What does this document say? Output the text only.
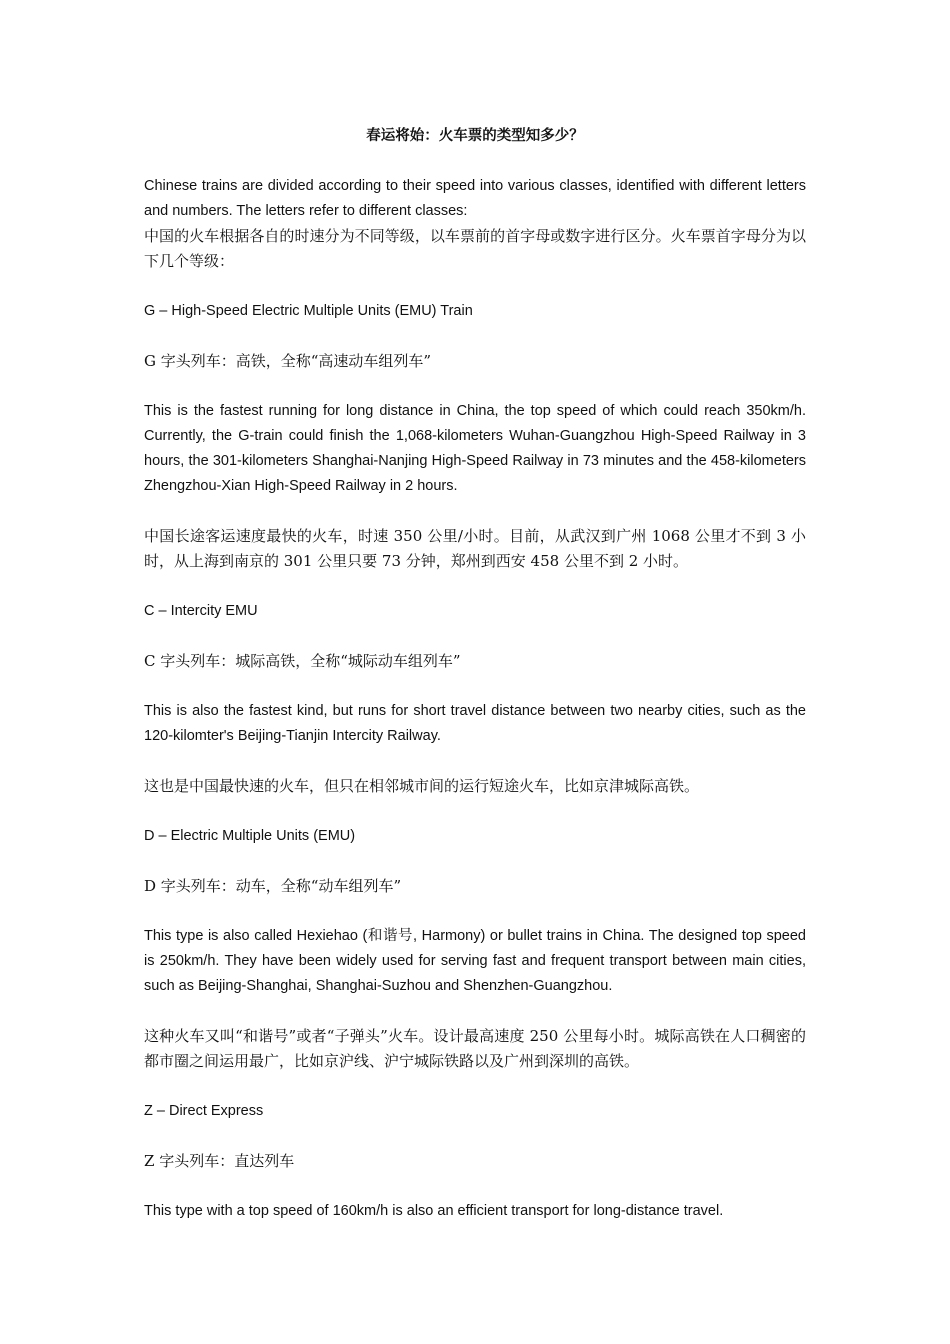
春运将始：火车票的类型知多少？

Chinese trains are divided according to their speed into various classes, identified with different letters and numbers. The letters refer to different classes:

中国的火车根据各自的时速分为不同等级，以车票前的首字母或数字进行区分。火车票首字母分为以下几个等级：

G – High-Speed Electric Multiple Units (EMU) Train

G 字头列车：高铁，全称“高速动车组列车”

This is the fastest running for long distance in China, the top speed of which could reach 350km/h. Currently, the G-train could finish the 1,068-kilometers Wuhan-Guangzhou High-Speed Railway in 3 hours, the 301-kilometers Shanghai-Nanjing High-Speed Railway in 73 minutes and the 458-kilometers Zhengzhou-Xian High-Speed Railway in 2 hours.

中国长途客运速度最快的火车，时速 350 公里/小时。目前，从武汉到广州 1068 公里才不到 3 小时，从上海到南京的 301 公里只要 73 分钟，郑州到西安 458 公里不到 2 小时。

C – Intercity EMU

C 字头列车：城际高铁，全称“城际动车组列车”

This is also the fastest kind, but runs for short travel distance between two nearby cities, such as the 120-kilomter's Beijing-Tianjin Intercity Railway.

这也是中国最快速的火车，但只在相邻城市间的运行短途火车，比如京津城际高铁。

D – Electric Multiple Units (EMU)

D 字头列车：动车，全称“动车组列车”

This type is also called Hexiehao (和谐号, Harmony) or bullet trains in China. The designed top speed is 250km/h. They have been widely used for serving fast and frequent transport between main cities, such as Beijing-Shanghai, Shanghai-Suzhou and Shenzhen-Guangzhou.

这种火车又叫“和谐号”或者“子弹头”火车。设计最高速度 250 公里每小时。城际高铁在人口稠密的都市圈之间运用最广，比如京沪线、沪宁城际铁路以及广州到深圳的高铁。

Z – Direct Express

Z 字头列车：直达列车

This type with a top speed of 160km/h is also an efficient transport for long-distance travel.
